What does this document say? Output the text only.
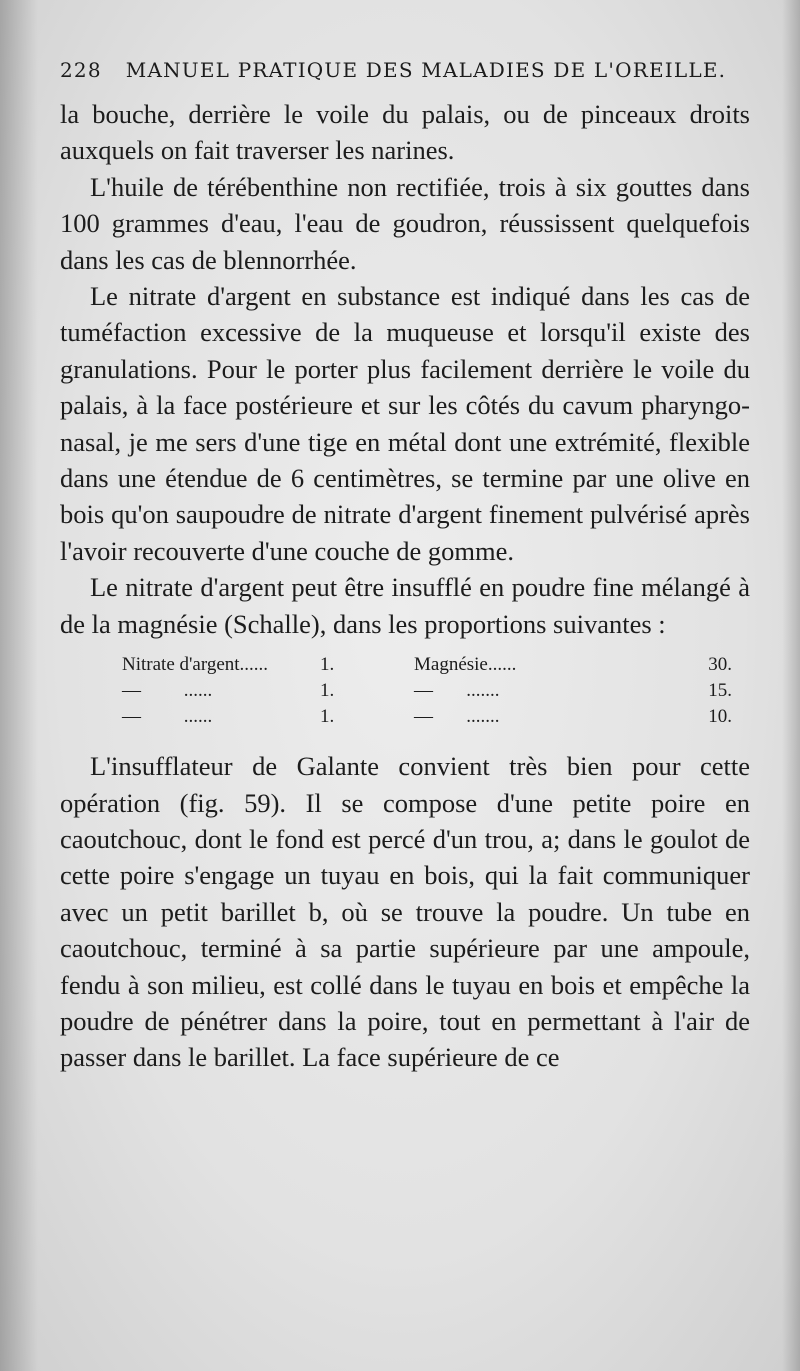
228 MANUEL PRATIQUE DES MALADIES DE L'OREILLE.

la bouche, derrière le voile du palais, ou de pinceaux droits auxquels on fait traverser les narines.

L'huile de térébenthine non rectifiée, trois à six gouttes dans 100 grammes d'eau, l'eau de goudron, réussissent quelquefois dans les cas de blennorrhée.

Le nitrate d'argent en substance est indiqué dans les cas de tuméfaction excessive de la muqueuse et lorsqu'il existe des granulations. Pour le porter plus facilement derrière le voile du palais, à la face postérieure et sur les côtés du cavum pharyngo-nasal, je me sers d'une tige en métal dont une extrémité, flexible dans une étendue de 6 centimètres, se termine par une olive en bois qu'on saupoudre de nitrate d'argent finement pulvérisé après l'avoir recouverte d'une couche de gomme.

Le nitrate d'argent peut être insufflé en poudre fine mélangé à de la magnésie (Schalle), dans les proportions suivantes :

Nitrate d'argent......	1.	Magnésie......	30.
—         ......	1.	—       .......	15.
—         ......	1.	—       .......	10.

L'insufflateur de Galante convient très bien pour cette opération (fig. 59). Il se compose d'une petite poire en caoutchouc, dont le fond est percé d'un trou, a; dans le goulot de cette poire s'engage un tuyau en bois, qui la fait communiquer avec un petit barillet b, où se trouve la poudre. Un tube en caoutchouc, terminé à sa partie supérieure par une ampoule, fendu à son milieu, est collé dans le tuyau en bois et empêche la poudre de pénétrer dans la poire, tout en permettant à l'air de passer dans le barillet. La face supérieure de ce
